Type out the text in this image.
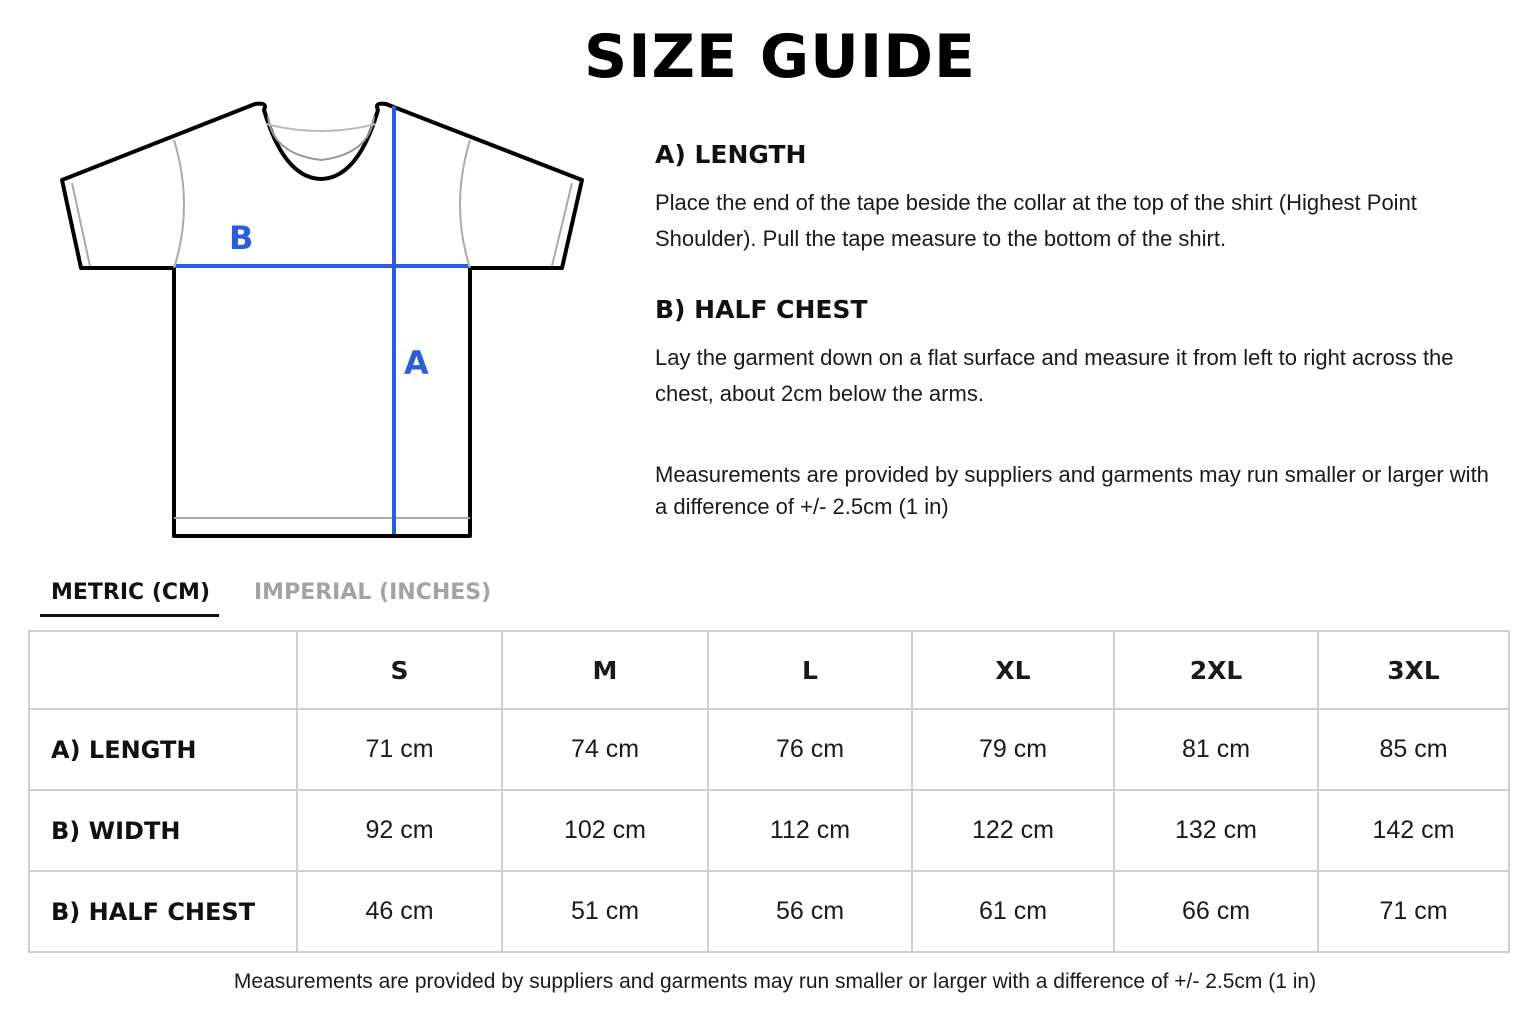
SIZE GUIDE
B
A
A) LENGTH

Place the end of the tape beside the collar at the top of the shirt (Highest Point Shoulder). Pull the tape measure to the bottom of the shirt.

B) HALF CHEST

Lay the garment down on a flat surface and measure it from left to right across the chest, about 2cm below the arms.

Measurements are provided by suppliers and garments may run smaller or larger with a difference of +/- 2.5cm (1 in)

METRIC (CM) IMPERIAL (INCHES)
	S	M	L	XL	2XL	3XL
A) LENGTH	71 cm	74 cm	76 cm	79 cm	81 cm	85 cm
B) WIDTH	92 cm	102 cm	112 cm	122 cm	132 cm	142 cm
B) HALF CHEST	46 cm	51 cm	56 cm	61 cm	66 cm	71 cm
Measurements are provided by suppliers and garments may run smaller or larger with a difference of +/- 2.5cm (1 in)
